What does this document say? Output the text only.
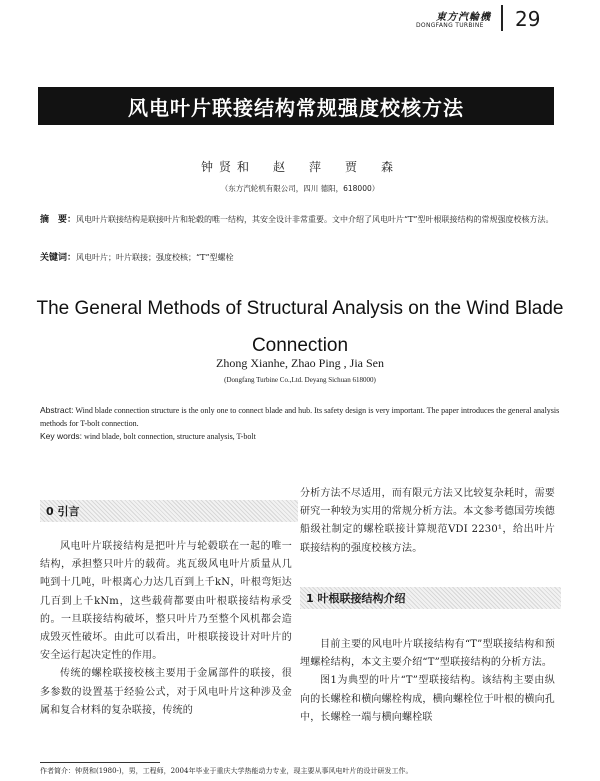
東方汽輪機
DONGFANG TURBINE 29
风电叶片联接结构常规强度校核方法
钟贤和　赵　萍　贾　森
（东方汽轮机有限公司，四川 德阳，618000）
摘　要：风电叶片联接结构是联接叶片和轮毂的唯一结构，其安全设计非常重要。文中介绍了风电叶片“T”型叶根联接结构的常规强度校核方法。
关键词：风电叶片；叶片联接；强度校核；“T”型螺栓
The General Methods of Structural Analysis on the Wind Blade Connection
Zhong Xianhe, Zhao Ping , Jia Sen
(Dongfang Turbine Co.,Ltd. Deyang Sichuan 618000)
Abstract: Wind blade connection structure is the only one to connect blade and hub. Its safety design is very important. The paper introduces the general analysis methods for T-bolt connection.
Key words: wind blade, bolt connection, structure analysis, T-bolt
0 引言

风电叶片联接结构是把叶片与轮毂联在一起的唯一结构，承担整只叶片的载荷。兆瓦级风电叶片质量从几吨到十几吨，叶根离心力达几百到上千kN，叶根弯矩达几百到上千kNm，这些载荷都要由叶根联接结构承受的。一旦联接结构破坏，整只叶片乃至整个风机都会造成毁灭性破坏。由此可以看出，叶根联接设计对叶片的安全运行起决定性的作用。

传统的螺栓联接校核主要用于金属部件的联接，很多参数的设置基于经验公式，对于风电叶片这种涉及金属和复合材料的复杂联接，传统的

分析方法不尽适用，而有限元方法又比较复杂耗时，需要研究一种较为实用的常规分析方法。本文参考德国劳埃德船级社制定的螺栓联接计算规范VDI 2230¹，给出叶片联接结构的强度校核方法。

1 叶根联接结构介绍

目前主要的风电叶片联接结构有“T”型联接结构和预埋螺栓结构，本文主要介绍“T”型联接结构的分析方法。

图1为典型的叶片“T”型联接结构。该结构主要由纵向的长螺栓和横向螺栓构成，横向螺栓位于叶根的横向孔中，长螺栓一端与横向螺栓联

作者简介：钟贤和(1980-)，男，工程师，2004年毕业于重庆大学热能动力专业，现主要从事风电叶片的设计研发工作。
